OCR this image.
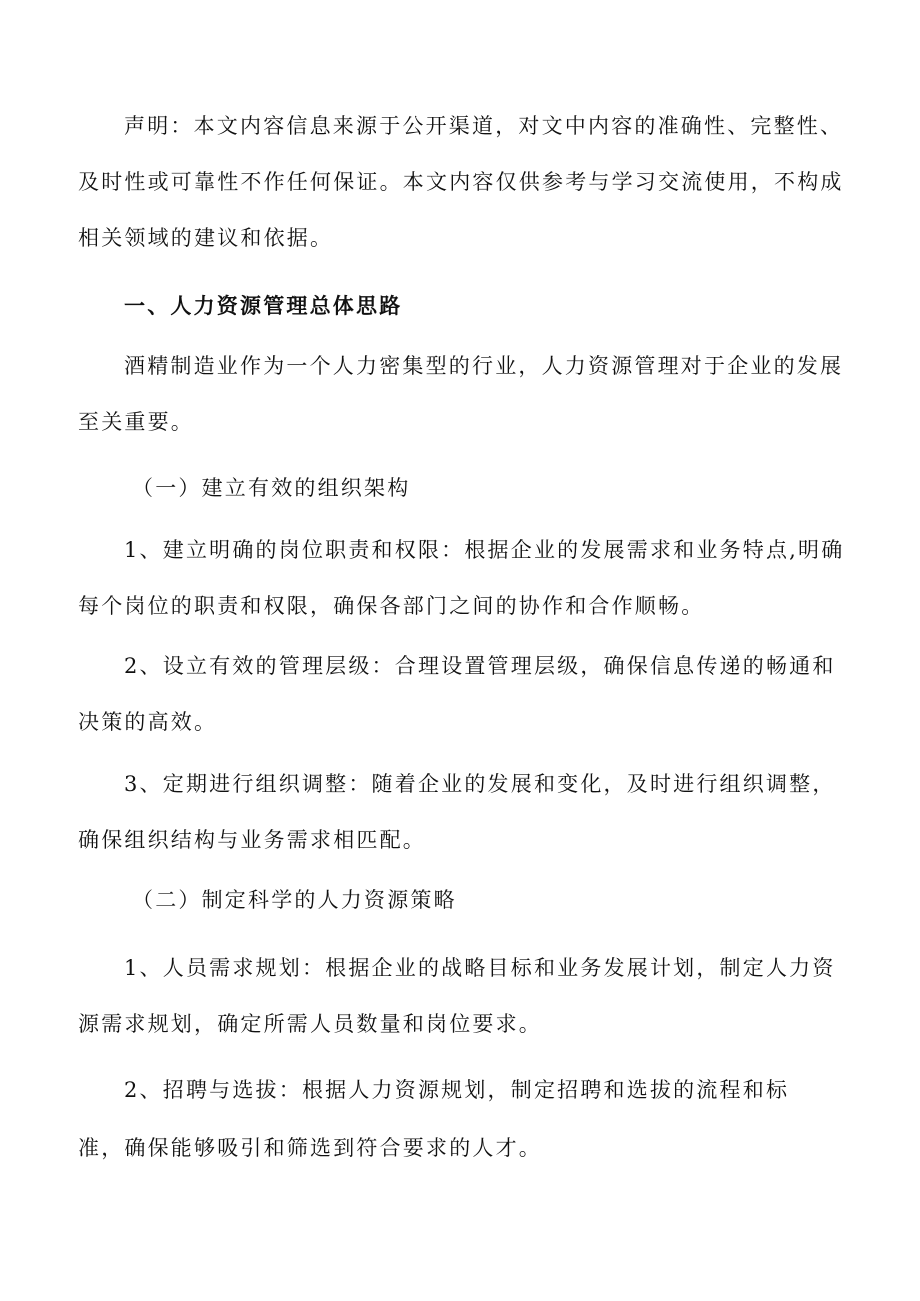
声明：本文内容信息来源于公开渠道，对文中内容的准确性、完整性、
及时性或可靠性不作任何保证。本文内容仅供参考与学习交流使用，不构成
相关领域的建议和依据。
一、人力资源管理总体思路
酒精制造业作为一个人力密集型的行业，人力资源管理对于企业的发展
至关重要。
（一）建立有效的组织架构
1、建立明确的岗位职责和权限：根据企业的发展需求和业务特点,明确
每个岗位的职责和权限，确保各部门之间的协作和合作顺畅。
2、设立有效的管理层级：合理设置管理层级，确保信息传递的畅通和
决策的高效。
3、定期进行组织调整：随着企业的发展和变化，及时进行组织调整，
确保组织结构与业务需求相匹配。
（二）制定科学的人力资源策略
1、人员需求规划：根据企业的战略目标和业务发展计划，制定人力资
源需求规划，确定所需人员数量和岗位要求。
2、招聘与选拔：根据人力资源规划，制定招聘和选拔的流程和标
准，确保能够吸引和筛选到符合要求的人才。
